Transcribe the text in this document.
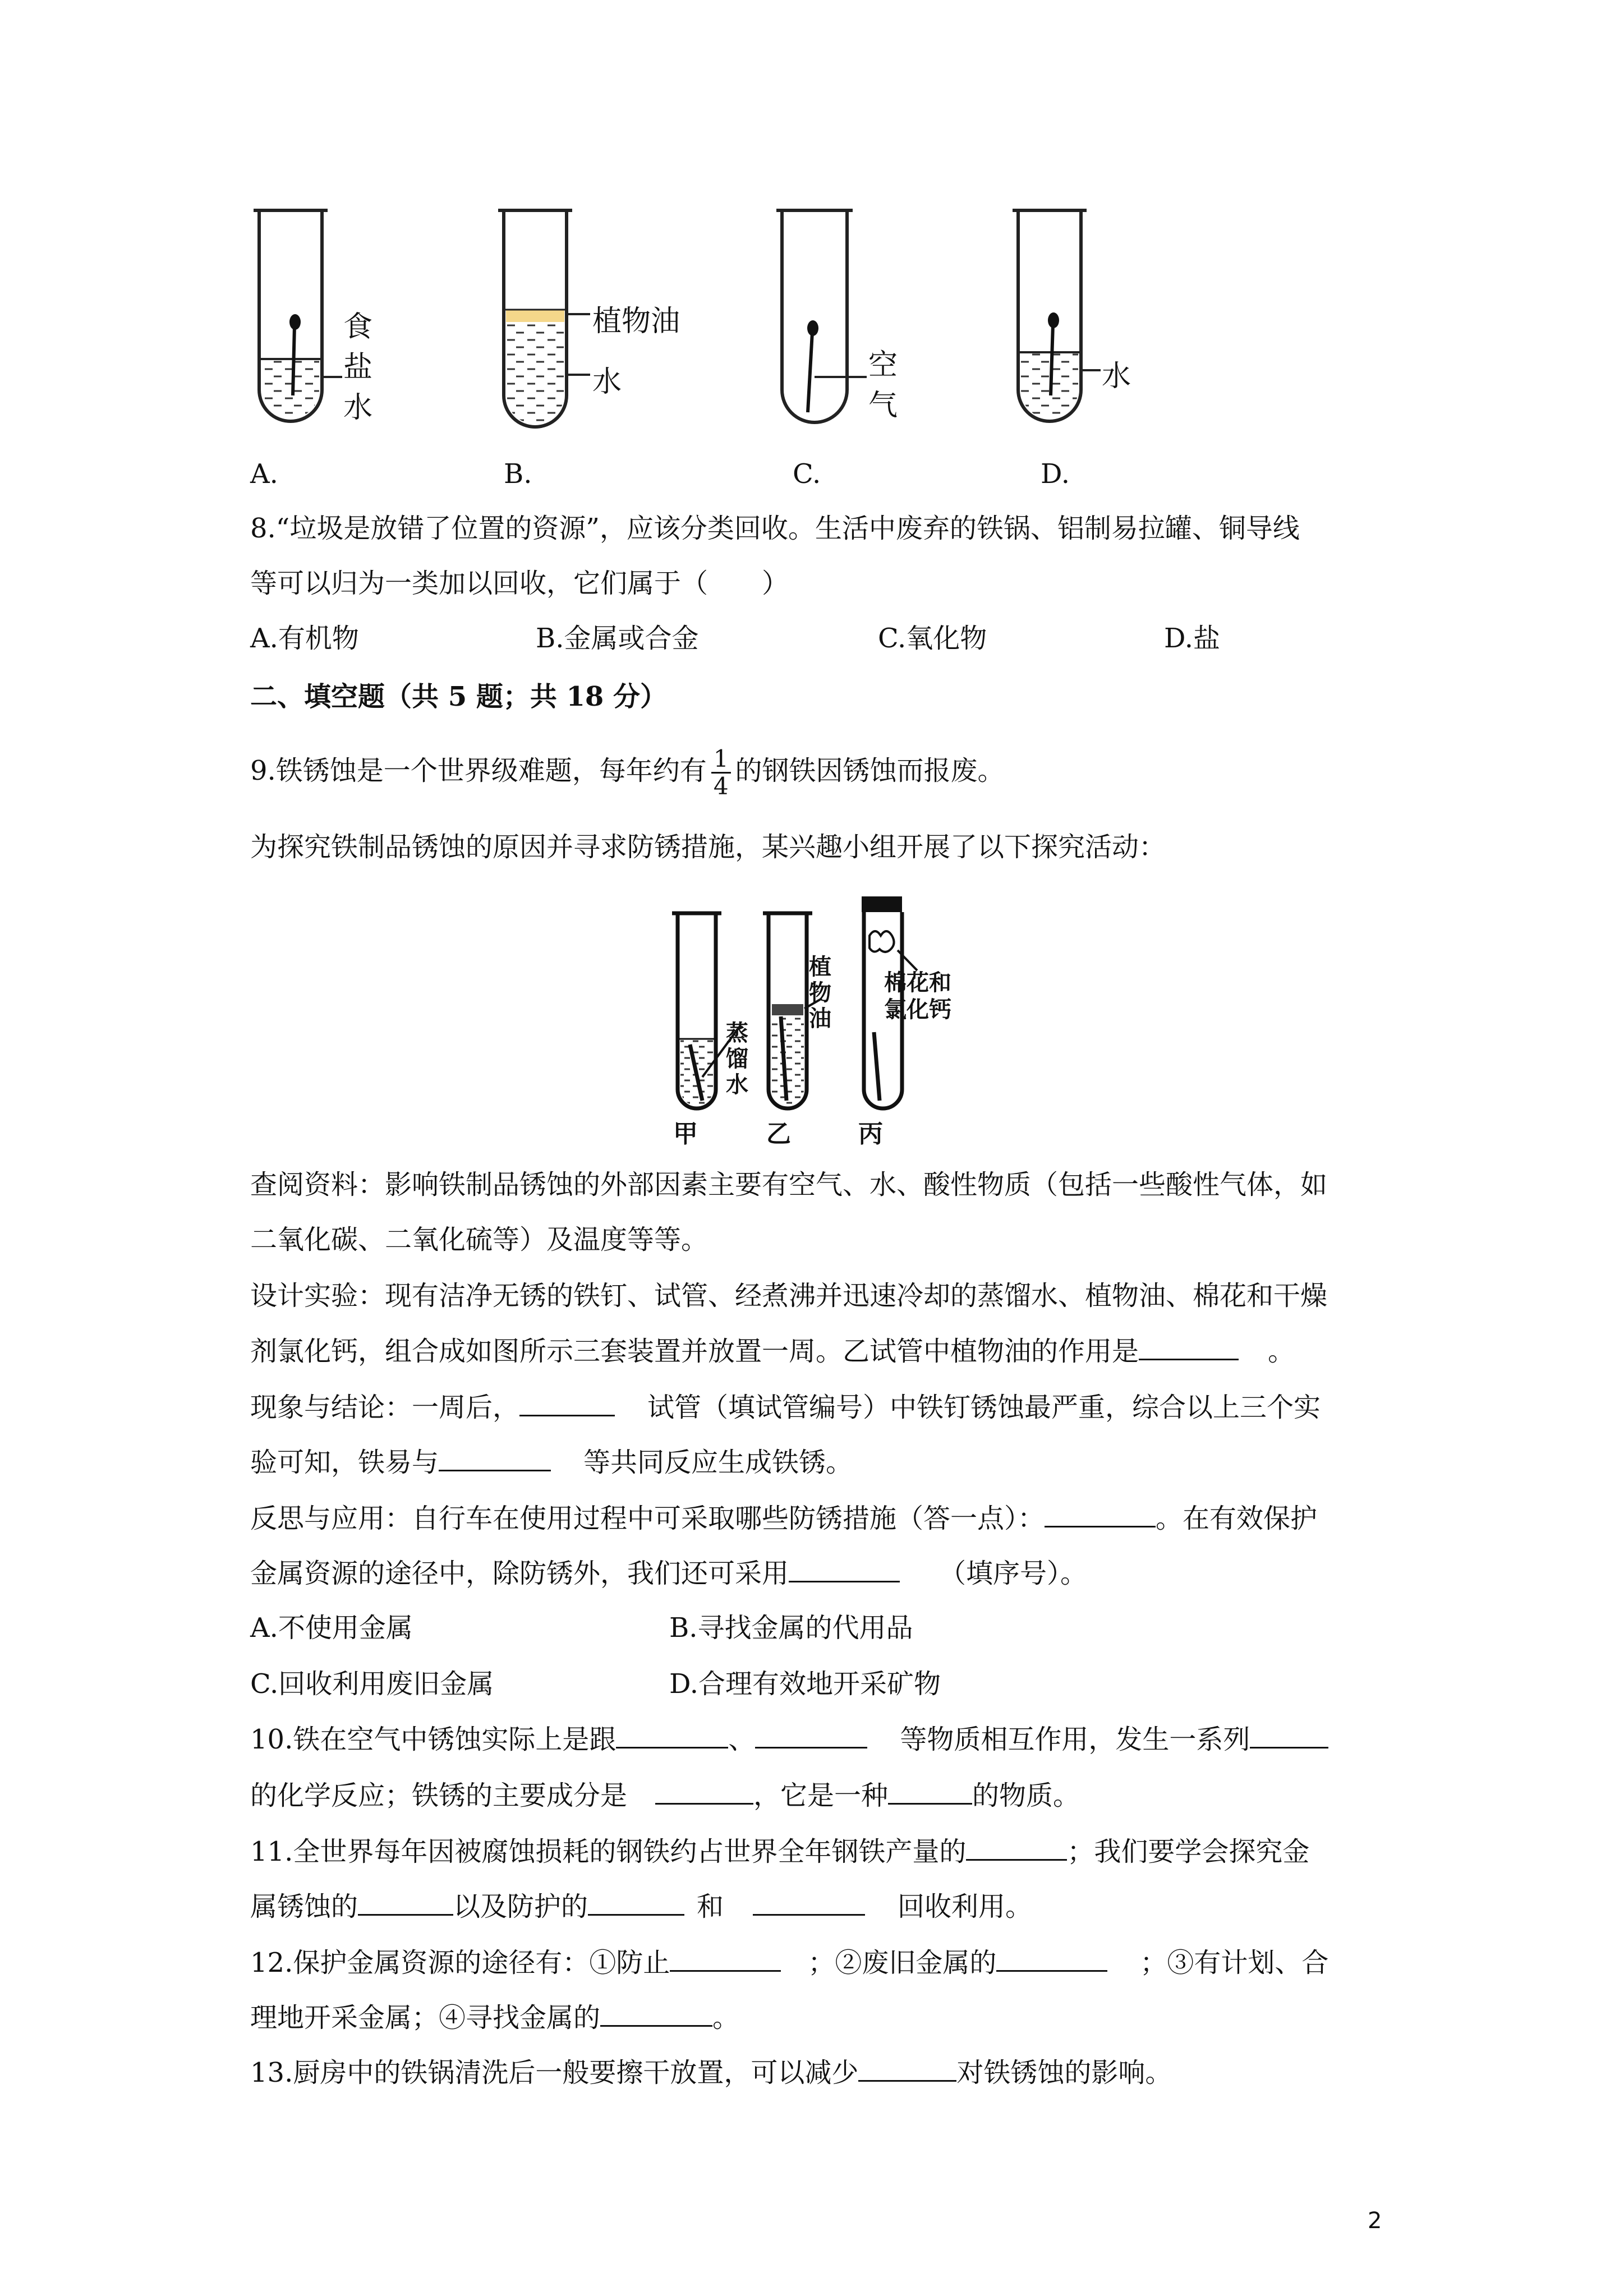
食
盐
水
植物油
水	空
气
水
A.	B.	C.	D.
8.“垃圾是放错了位置的资源”，应该分类回收。生活中废弃的铁锅、铝制易拉罐、铜导线
等可以归为一类加以回收，它们属于（　　）
A.有机物	B.金属或合金	C.氧化物	D.盐
二、填空题（共 5 题；共 18 分）
9.铁锈蚀是一个世界级难题，每年约有 $\frac{1}{4}$ 的钢铁因锈蚀而报废。
为探究铁制品锈蚀的原因并寻求防锈措施，某兴趣小组开展了以下探究活动：
蒸
馏
水
植
物
油
棉花和
氯化钙
甲	乙	丙
查阅资料：影响铁制品锈蚀的外部因素主要有空气、水、酸性物质（包括一些酸性气体，如
二氧化碳、二氧化硫等）及温度等等。
设计实验：现有洁净无锈的铁钉、试管、经煮沸并迅速冷却的蒸馏水、植物油、棉花和干燥
剂氯化钙，组合成如图所示三套装置并放置一周。乙试管中植物油的作用是	。
现象与结论：一周后，	试管（填试管编号）中铁钉锈蚀最严重，综合以上三个实
验可知，铁易与	等共同反应生成铁锈。
反思与应用：自行车在使用过程中可采取哪些防锈措施（答一点）：	。在有效保护
金属资源的途径中，除防锈外，我们还可采用	（填序号）。
A.不使用金属	B.寻找金属的代用品
C.回收利用废旧金属	D.合理有效地开采矿物
10.铁在空气中锈蚀实际上是跟	、	等物质相互作用，发生一系列
的化学反应；铁锈的主要成分是	，它是一种	的物质。
11.全世界每年因被腐蚀损耗的钢铁约占世界全年钢铁产量的	；我们要学会探究金
属锈蚀的	以及防护的	和	回收利用。
12.保护金属资源的途径有：①防止	；②废旧金属的	；③有计划、合
理地开采金属；④寻找金属的	。
13.厨房中的铁锅清洗后一般要擦干放置，可以减少	对铁锈蚀的影响。
2
